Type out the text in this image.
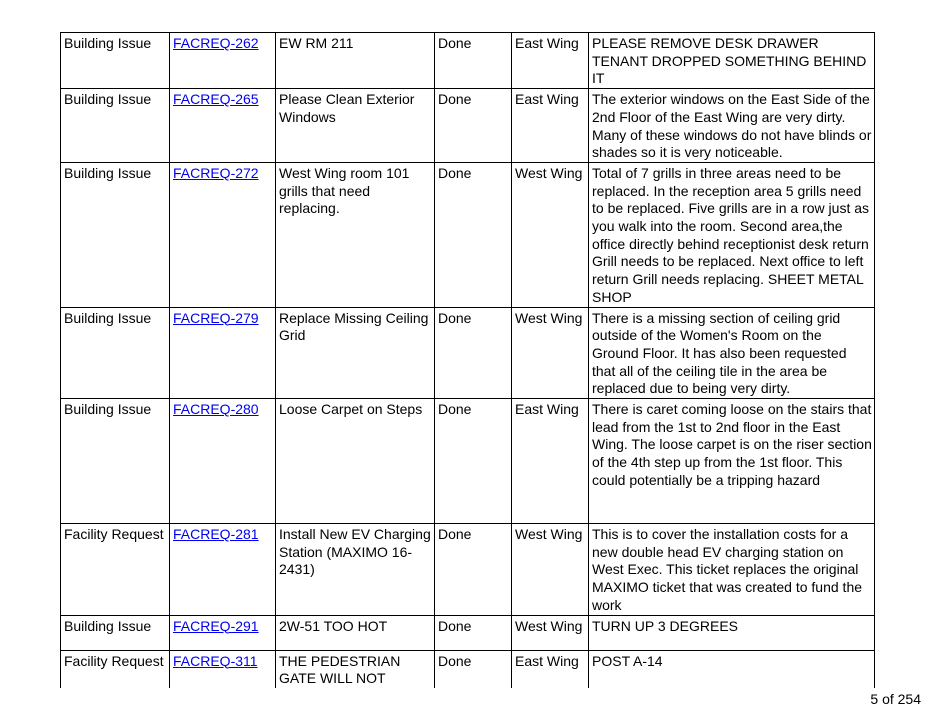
Building Issue	FACREQ-262	EW RM 211	Done	East Wing	PLEASE REMOVE DESK DRAWER TENANT DROPPED SOMETHING BEHIND IT
Building Issue	FACREQ-265	Please Clean Exterior Windows	Done	East Wing	The exterior windows on the East Side of the 2nd Floor of the East Wing are very dirty. Many of these windows do not have blinds or shades so it is very noticeable.
Building Issue	FACREQ-272	West Wing room 101 grills that need replacing.	Done	West Wing	Total of 7 grills in three areas need to be replaced. In the reception area 5 grills need to be replaced. Five grills are in a row just as you walk into the room. Second area,the office directly behind receptionist desk return Grill needs to be replaced. Next office to left return Grill needs replacing. SHEET METAL SHOP
Building Issue	FACREQ-279	Replace Missing Ceiling Grid	Done	West Wing	There is a missing section of ceiling grid outside of the Women's Room on the Ground Floor. It has also been requested that all of the ceiling tile in the area be replaced due to being very dirty.
Building Issue	FACREQ-280	Loose Carpet on Steps	Done	East Wing	There is caret coming loose on the stairs that lead from the 1st to 2nd floor in the East Wing. The loose carpet is on the riser section of the 4th step up from the 1st floor. This could potentially be a tripping hazard
Facility Request	FACREQ-281	Install New EV Charging Station (MAXIMO 16-2431)	Done	West Wing	This is to cover the installation costs for a new double head EV charging station on West Exec. This ticket replaces the original MAXIMO ticket that was created to fund the work
Building Issue	FACREQ-291	2W-51 TOO HOT	Done	West Wing	TURN UP 3 DEGREES
Facility Request	FACREQ-311	THE PEDESTRIAN GATE WILL NOT	Done	East Wing	POST A-14
5 of 254
